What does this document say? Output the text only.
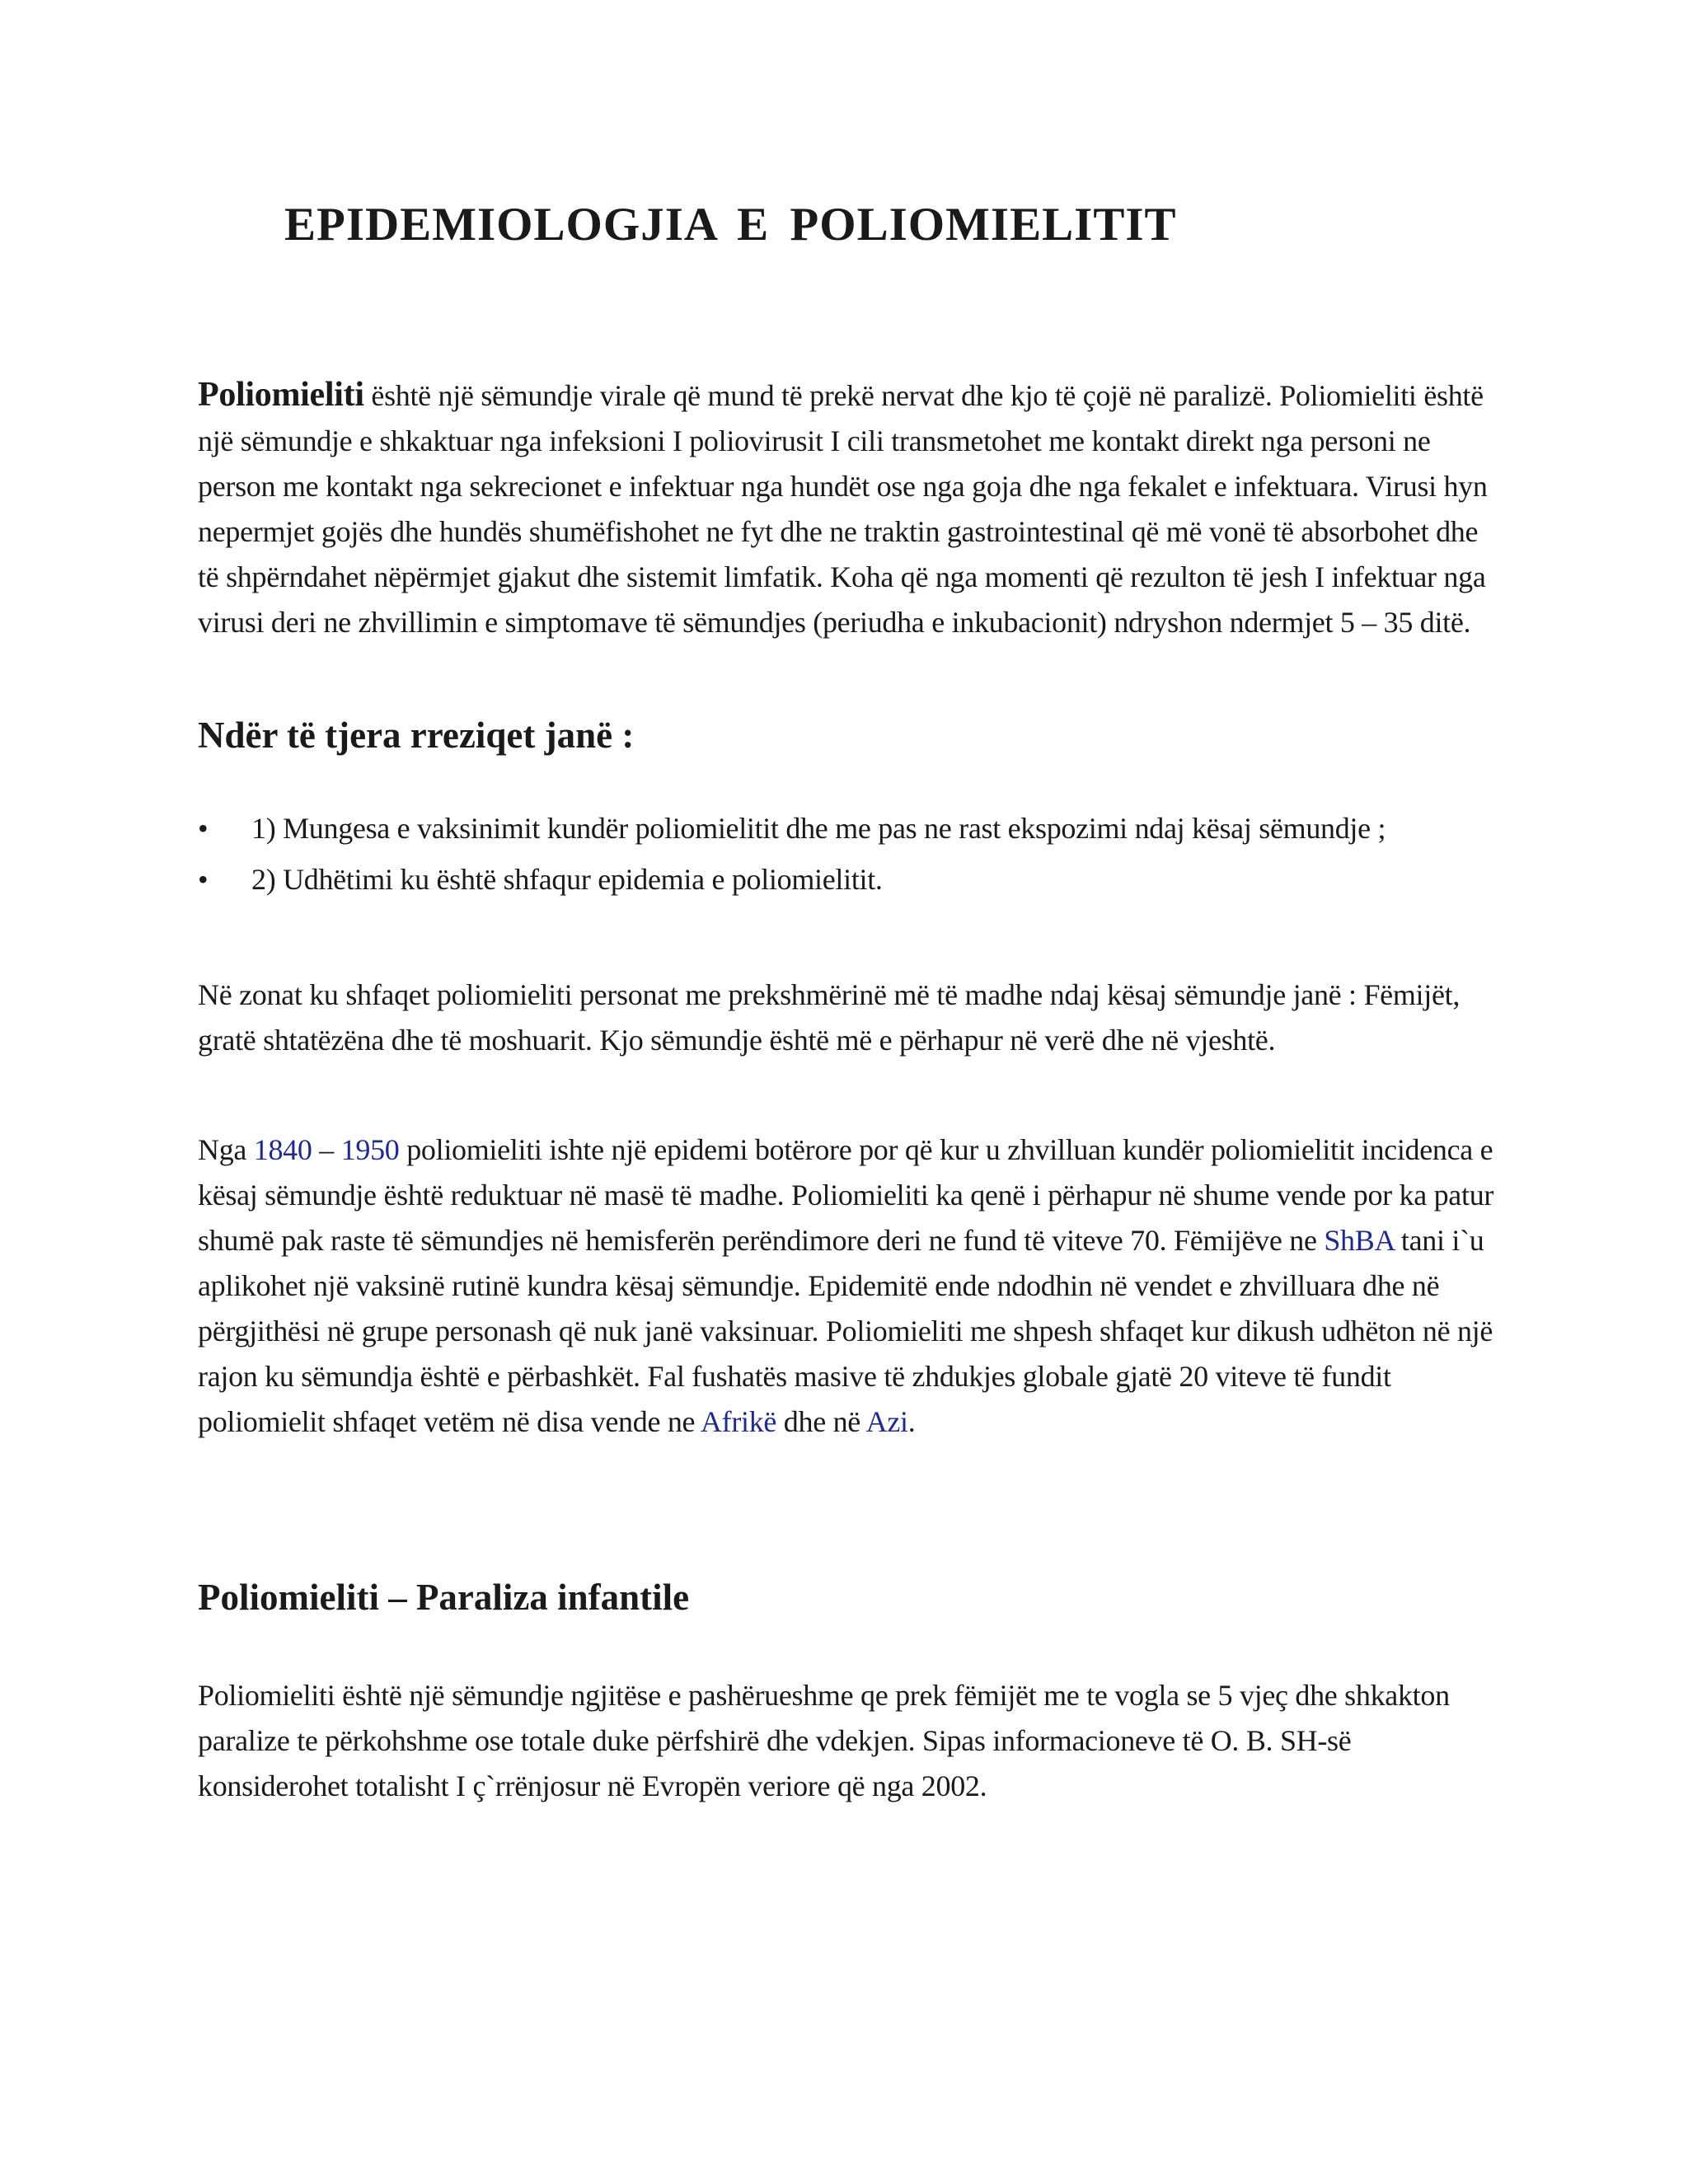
EPIDEMIOLOGJIA E POLIOMIELITIT

Poliomieliti është një sëmundje virale që mund të prekë nervat dhe kjo të çojë në paralizë. Poliomieliti është një sëmundje e shkaktuar nga infeksioni I poliovirusit I cili transmetohet me kontakt direkt nga personi ne person me kontakt nga sekrecionet e infektuar nga hundët ose nga goja dhe nga fekalet e infektuara. Virusi hyn nepermjet gojës dhe hundës shumëfishohet ne fyt dhe ne traktin gastrointestinal që më vonë të absorbohet dhe të shpërndahet nëpërmjet gjakut dhe sistemit limfatik. Koha që nga momenti që rezulton të jesh I infektuar nga virusi deri ne zhvillimin e simptomave të sëmundjes (periudha e inkubacionit) ndryshon ndermjet 5 – 35 ditë.

Ndër të tjera rreziqet janë :
•	1) Mungesa e vaksinimit kundër poliomielitit dhe me pas ne rast ekspozimi ndaj kësaj sëmundje ;
•	2) Udhëtimi ku është shfaqur epidemia e poliomielitit.

Në zonat ku shfaqet poliomieliti personat me prekshmërinë më të madhe ndaj kësaj sëmundje janë : Fëmijët, gratë shtatëzëna dhe të moshuarit. Kjo sëmundje është më e përhapur në verë dhe në vjeshtë.

Nga 1840 – 1950 poliomieliti ishte një epidemi botërore por që kur u zhvilluan kundër poliomielitit incidenca e kësaj sëmundje është reduktuar në masë të madhe. Poliomieliti ka qenë i përhapur në shume vende por ka patur shumë pak raste të sëmundjes në hemisferën perëndimore deri ne fund të viteve 70. Fëmijëve ne ShBA tani i`u aplikohet një vaksinë rutinë kundra kësaj sëmundje. Epidemitë ende ndodhin në vendet e zhvilluara dhe në përgjithësi në grupe personash që nuk janë vaksinuar. Poliomieliti me shpesh shfaqet kur dikush udhëton në një rajon ku sëmundja është e përbashkët. Fal fushatës masive të zhdukjes globale gjatë 20 viteve të fundit poliomielit shfaqet vetëm në disa vende ne Afrikë dhe në Azi.

Poliomieliti – Paraliza infantile

Poliomieliti është një sëmundje ngjitëse e pashërueshme qe prek fëmijët me te vogla se 5 vjeç dhe shkakton paralize te përkohshme ose totale duke përfshirë dhe vdekjen. Sipas informacioneve të O. B. SH-së konsiderohet totalisht I ç`rrënjosur në Evropën veriore që nga 2002.
